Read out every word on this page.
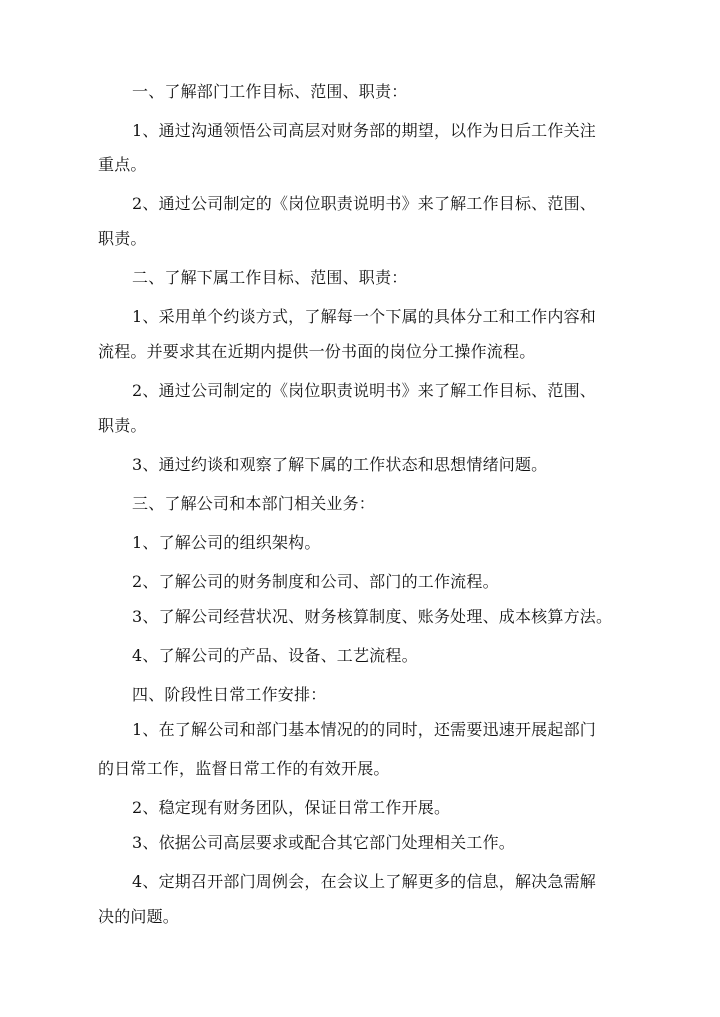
一、了解部门工作目标、范围、职责：
1、通过沟通领悟公司高层对财务部的期望，以作为日后工作关注
重点。
2、通过公司制定的《岗位职责说明书》来了解工作目标、范围、
职责。
二、了解下属工作目标、范围、职责：
1、采用单个约谈方式，了解每一个下属的具体分工和工作内容和
流程。并要求其在近期内提供一份书面的岗位分工操作流程。
2、通过公司制定的《岗位职责说明书》来了解工作目标、范围、
职责。
3、通过约谈和观察了解下属的工作状态和思想情绪问题。
三、了解公司和本部门相关业务：
1、了解公司的组织架构。
2、了解公司的财务制度和公司、部门的工作流程。
3、了解公司经营状况、财务核算制度、账务处理、成本核算方法。
4、了解公司的产品、设备、工艺流程。
四、阶段性日常工作安排：
1、在了解公司和部门基本情况的的同时，还需要迅速开展起部门
的日常工作，监督日常工作的有效开展。
2、稳定现有财务团队，保证日常工作开展。
3、依据公司高层要求或配合其它部门处理相关工作。
4、定期召开部门周例会，在会议上了解更多的信息，解决急需解
决的问题。
